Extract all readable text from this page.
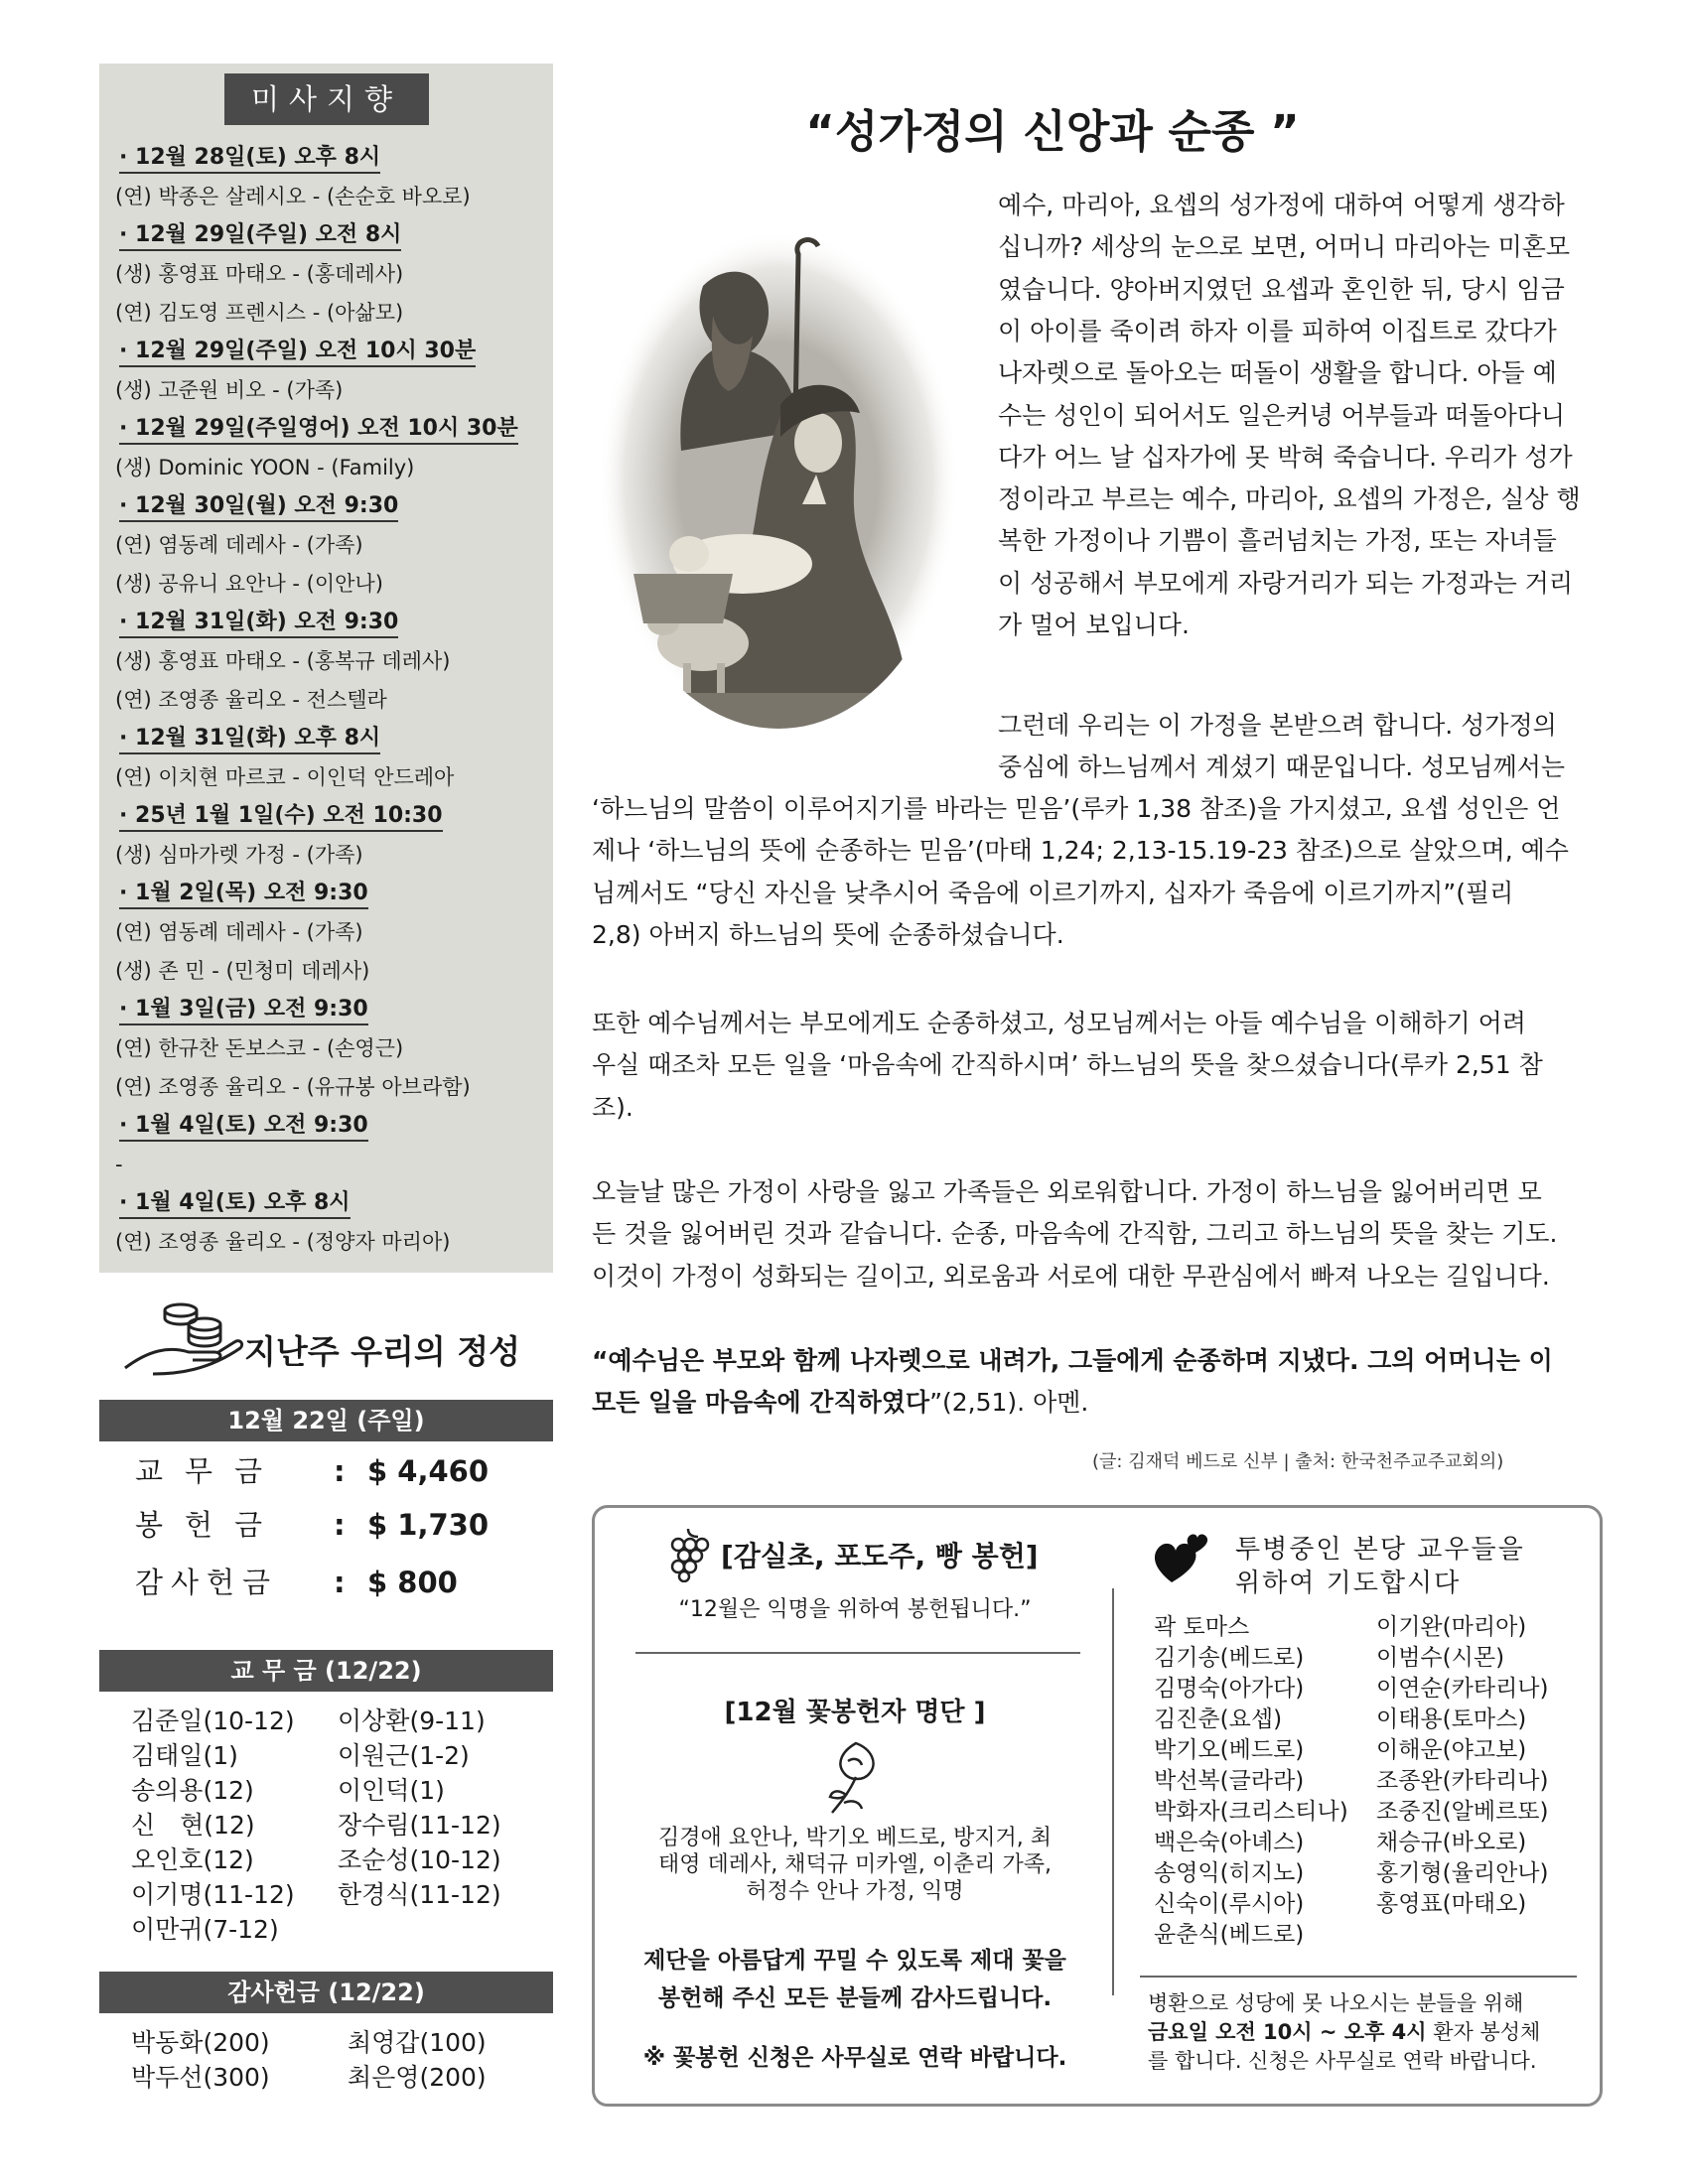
미사지향
· 12월 28일(토) 오후 8시
(연) 박종은 살레시오 - (손순호 바오로)
· 12월 29일(주일) 오전 8시
(생) 홍영표 마태오 - (홍데레사)
(연) 김도영 프렌시스 - (아삶모)
· 12월 29일(주일) 오전 10시 30분
(생) 고준원 비오 - (가족)
· 12월 29일(주일영어) 오전 10시 30분
(생) Dominic YOON - (Family)
· 12월 30일(월) 오전 9:30
(연) 염동례 데레사 - (가족)
(생) 공유니 요안나 - (이안나)
· 12월 31일(화) 오전 9:30
(생) 홍영표 마태오 - (홍복규 데레사)
(연) 조영종 율리오 - 전스텔라
· 12월 31일(화) 오후 8시
(연) 이치현 마르코 - 이인덕 안드레아
· 25년 1월 1일(수) 오전 10:30
(생) 심마가렛 가정 - (가족)
· 1월 2일(목) 오전 9:30
(연) 염동례 데레사 - (가족)
(생) 존 민 - (민청미 데레사)
· 1월 3일(금) 오전 9:30
(연) 한규찬 돈보스코 - (손영근)
(연) 조영종 율리오 - (유규봉 아브라함)
· 1월 4일(토) 오전 9:30
-
· 1월 4일(토) 오후 8시
(연) 조영종 율리오 - (정양자 마리아)
지난주 우리의 정성
12월 22일 (주일)
교무금 : $ 4,460
봉헌금 : $ 1,730
감사헌금 : $ 800
교 무 금 (12/22)
김준일(10-12)
김태일(1)
송의용(12)
신　현(12)
오인호(12)
이기명(11-12)
이만귀(7-12)
이상환(9-11)
이원근(1-2)
이인덕(1)
장수림(11-12)
조순성(10-12)
한경식(11-12)
감사헌금 (12/22)
박동화(200)
박두선(300)
최영갑(100)
최은영(200)
“성가정의 신앙과 순종 ”
예수, 마리아, 요셉의 성가정에 대하여 어떻게 생각하
십니까? 세상의 눈으로 보면, 어머니 마리아는 미혼모
였습니다. 양아버지였던 요셉과 혼인한 뒤, 당시 임금
이 아이를 죽이려 하자 이를 피하여 이집트로 갔다가
나자렛으로 돌아오는 떠돌이 생활을 합니다. 아들 예
수는 성인이 되어서도 일은커녕 어부들과 떠돌아다니
다가 어느 날 십자가에 못 박혀 죽습니다. 우리가 성가
정이라고 부르는 예수, 마리아, 요셉의 가정은, 실상 행
복한 가정이나 기쁨이 흘러넘치는 가정, 또는 자녀들
이 성공해서 부모에게 자랑거리가 되는 가정과는 거리
가 멀어 보입니다.
그런데 우리는 이 가정을 본받으려 합니다. 성가정의
중심에 하느님께서 계셨기 때문입니다. 성모님께서는
‘하느님의 말씀이 이루어지기를 바라는 믿음’(루카 1,38 참조)을 가지셨고, 요셉 성인은 언
제나 ‘하느님의 뜻에 순종하는 믿음’(마태 1,24; 2,13-15.19-23 참조)으로 살았으며, 예수
님께서도 “당신 자신을 낮추시어 죽음에 이르기까지, 십자가 죽음에 이르기까지”(필리
2,8) 아버지 하느님의 뜻에 순종하셨습니다.
또한 예수님께서는 부모에게도 순종하셨고, 성모님께서는 아들 예수님을 이해하기 어려
우실 때조차 모든 일을 ‘마음속에 간직하시며’ 하느님의 뜻을 찾으셨습니다(루카 2,51 참
조).
오늘날 많은 가정이 사랑을 잃고 가족들은 외로워합니다. 가정이 하느님을 잃어버리면 모
든 것을 잃어버린 것과 같습니다. 순종, 마음속에 간직함, 그리고 하느님의 뜻을 찾는 기도.
이것이 가정이 성화되는 길이고, 외로움과 서로에 대한 무관심에서 빠져 나오는 길입니다.
“예수님은 부모와 함께 나자렛으로 내려가, 그들에게 순종하며 지냈다. 그의 어머니는 이
모든 일을 마음속에 간직하였다”(2,51). 아멘.
(글: 김재덕 베드로 신부 | 출처: 한국천주교주교회의)
[감실초, 포도주, 빵 봉헌]
“12월은 익명을 위하여 봉헌됩니다.”
[12월 꽃봉헌자 명단 ]
김경애 요안나, 박기오 베드로, 방지거, 최
태영 데레사, 채덕규 미카엘, 이춘리 가족,
허정수 안나 가정, 익명
제단을 아름답게 꾸밀 수 있도록 제대 꽃을
봉헌해 주신 모든 분들께 감사드립니다.
※ 꽃봉헌 신청은 사무실로 연락 바랍니다.
투병중인 본당 교우들을
위하여 기도합시다
곽 토마스
김기송(베드로)
김명숙(아가다)
김진춘(요셉)
박기오(베드로)
박선복(글라라)
박화자(크리스티나)
백은숙(아녜스)
송영익(히지노)
신숙이(루시아)
윤춘식(베드로)
이기완(마리아)
이범수(시몬)
이연순(카타리나)
이태용(토마스)
이해운(야고보)
조종완(카타리나)
조중진(알베르또)
채승규(바오로)
홍기형(율리안나)
홍영표(마태오)
병환으로 성당에 못 나오시는 분들을 위해
금요일 오전 10시 ~ 오후 4시 환자 봉성체
를 합니다. 신청은 사무실로 연락 바랍니다.
